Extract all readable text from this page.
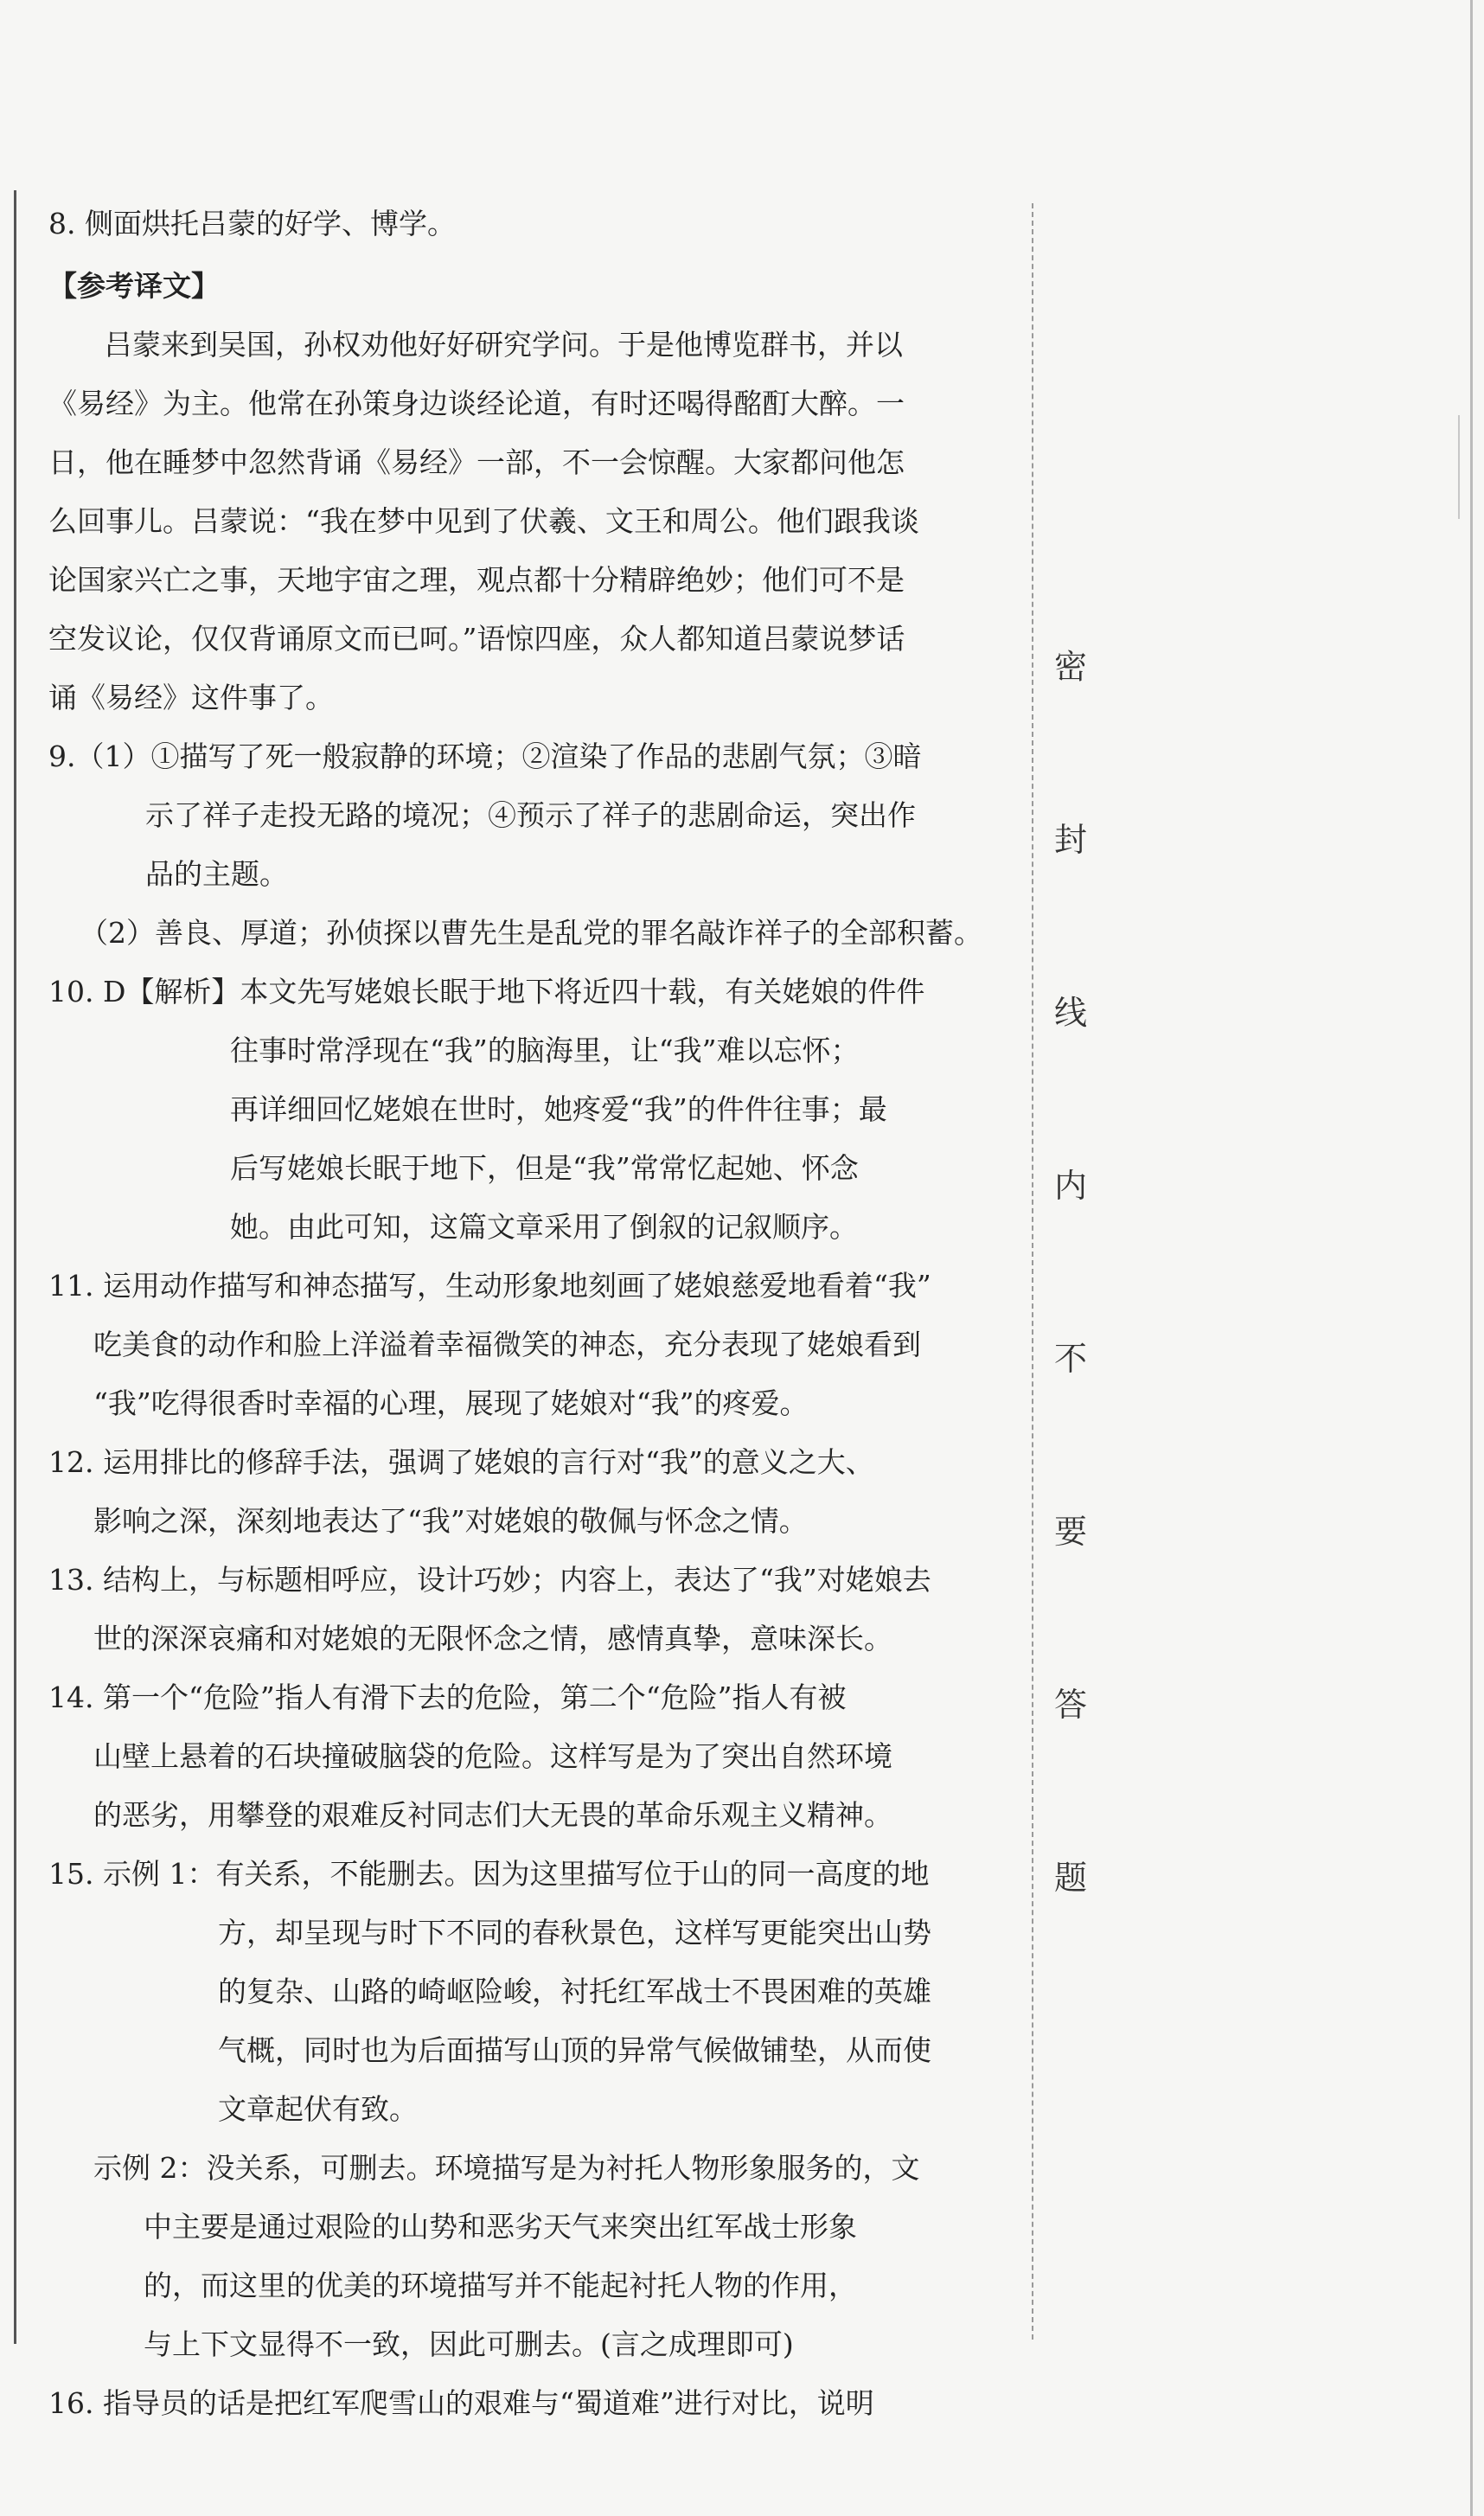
8. 侧面烘托吕蒙的好学、博学。
【参考译文】
吕蒙来到吴国，孙权劝他好好研究学问。于是他博览群书，并以
《易经》为主。他常在孙策身边谈经论道，有时还喝得酩酊大醉。一
日，他在睡梦中忽然背诵《易经》一部，不一会惊醒。大家都问他怎
么回事儿。吕蒙说：“我在梦中见到了伏羲、文王和周公。他们跟我谈
论国家兴亡之事，天地宇宙之理，观点都十分精辟绝妙；他们可不是
空发议论，仅仅背诵原文而已呵。”语惊四座，众人都知道吕蒙说梦话
诵《易经》这件事了。
9.（1）①描写了死一般寂静的环境；②渲染了作品的悲剧气氛；③暗
示了祥子走投无路的境况；④预示了祥子的悲剧命运，突出作
品的主题。
（2）善良、厚道；孙侦探以曹先生是乱党的罪名敲诈祥子的全部积蓄。
10. D【解析】本文先写姥娘长眠于地下将近四十载，有关姥娘的件件
往事时常浮现在“我”的脑海里，让“我”难以忘怀；
再详细回忆姥娘在世时，她疼爱“我”的件件往事；最
后写姥娘长眠于地下，但是“我”常常忆起她、怀念
她。由此可知，这篇文章采用了倒叙的记叙顺序。
11. 运用动作描写和神态描写，生动形象地刻画了姥娘慈爱地看着“我”
吃美食的动作和脸上洋溢着幸福微笑的神态，充分表现了姥娘看到
“我”吃得很香时幸福的心理，展现了姥娘对“我”的疼爱。
12. 运用排比的修辞手法，强调了姥娘的言行对“我”的意义之大、
影响之深，深刻地表达了“我”对姥娘的敬佩与怀念之情。
13. 结构上，与标题相呼应，设计巧妙；内容上，表达了“我”对姥娘去
世的深深哀痛和对姥娘的无限怀念之情，感情真挚，意味深长。
14. 第一个“危险”指人有滑下去的危险，第二个“危险”指人有被
山壁上悬着的石块撞破脑袋的危险。这样写是为了突出自然环境
的恶劣，用攀登的艰难反衬同志们大无畏的革命乐观主义精神。
15. 示例 1：有关系，不能删去。因为这里描写位于山的同一高度的地
方，却呈现与时下不同的春秋景色，这样写更能突出山势
的复杂、山路的崎岖险峻，衬托红军战士不畏困难的英雄
气概，同时也为后面描写山顶的异常气候做铺垫，从而使
文章起伏有致。
示例 2：没关系，可删去。环境描写是为衬托人物形象服务的，文
中主要是通过艰险的山势和恶劣天气来突出红军战士形象
的，而这里的优美的环境描写并不能起衬托人物的作用，
与上下文显得不一致，因此可删去。(言之成理即可)
16. 指导员的话是把红军爬雪山的艰难与“蜀道难”进行对比，说明
密
封
线
内
不
要
答
题
